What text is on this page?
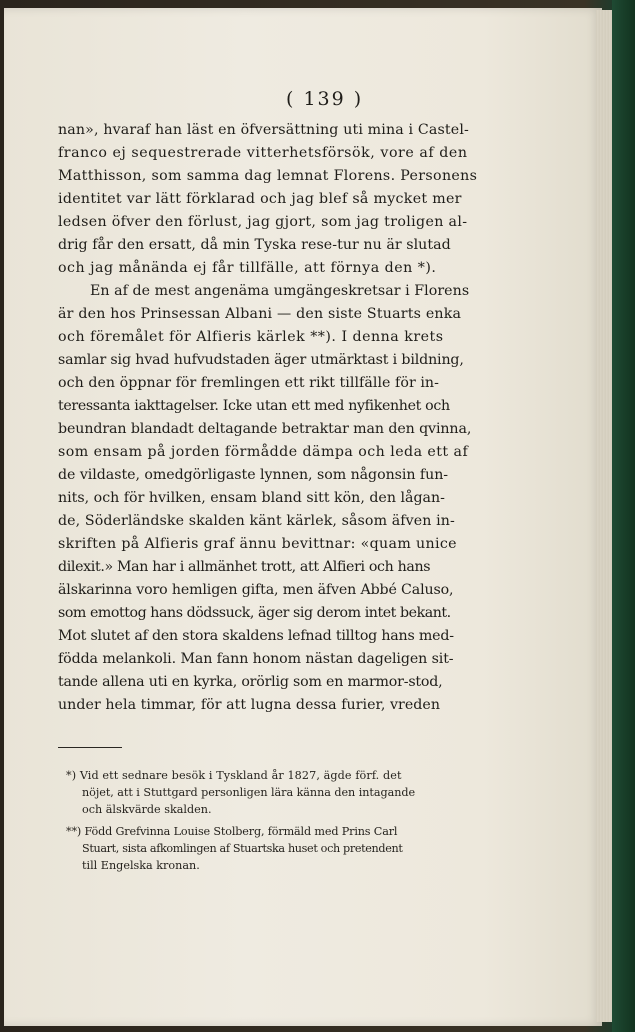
( 139 )
nan», hvaraf han läst en öfversättning uti mina i Castel-
franco ej sequestrerade vitterhetsförsök, vore af den
Matthisson, som samma dag lemnat Florens. Personens
identitet var lätt förklarad och jag blef så mycket mer
ledsen öfver den förlust, jag gjort, som jag troligen al-
drig får den ersatt, då min Tyska rese-tur nu är slutad
och jag månända ej får tillfälle, att förnya den *).
En af de mest angenäma umgängeskretsar i Florens
är den hos Prinsessan Albani — den siste Stuarts enka
och föremålet för Alfieris kärlek **). I denna krets
samlar sig hvad hufvudstaden äger utmärktast i bildning,
och den öppnar för fremlingen ett rikt tillfälle för in-
teressanta iakttagelser. Icke utan ett med nyfikenhet och
beundran blandadt deltagande betraktar man den qvinna,
som ensam på jorden förmådde dämpa och leda ett af
de vildaste, omedgörligaste lynnen, som någonsin fun-
nits, och för hvilken, ensam bland sitt kön, den lågan-
de, Söderländske skalden känt kärlek, såsom äfven in-
skriften på Alfieris graf ännu bevittnar: «quam unice
dilexit.» Man har i allmänhet trott, att Alfieri och hans
älskarinna voro hemligen gifta, men äfven Abbé Caluso,
som emottog hans dödssuck, äger sig derom intet bekant.
Mot slutet af den stora skaldens lefnad tilltog hans med-
födda melankoli. Man fann honom nästan dageligen sit-
tande allena uti en kyrka, orörlig som en marmor-stod,
under hela timmar, för att lugna dessa furier, vreden
*) Vid ett sednare besök i Tyskland år 1827, ägde förf. det
nöjet, att i Stuttgard personligen lära känna den intagande
och älskvärde skalden.
**) Född Grefvinna Louise Stolberg, förmäld med Prins Carl
Stuart, sista afkomlingen af Stuartska huset och pretendent
till Engelska kronan.
